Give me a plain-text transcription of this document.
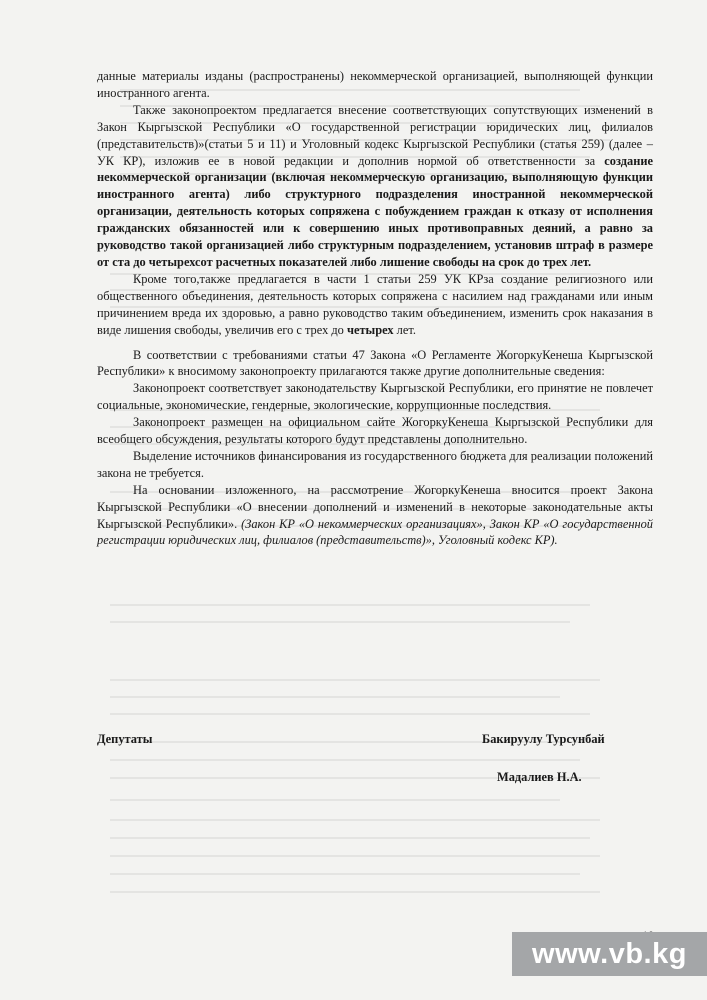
данные материалы изданы (распространены) некоммерческой организацией, выполняющей функции иностранного агента.

Также законопроектом предлагается внесение соответствующих сопутствующих изменений в Закон Кыргызской Республики «О государственной регистрации юридических лиц, филиалов (представительств)»(статьи 5 и 11) и Уголовный кодекс Кыргызской Республики (статья 259) (далее – УК КР), изложив ее в новой редакции и дополнив нормой об ответственности за создание некоммерческой организации (включая некоммерческую организацию, выполняющую функции иностранного агента) либо структурного подразделения иностранной некоммерческой организации, деятельность которых сопряжена с побуждением граждан к отказу от исполнения гражданских обязанностей или к совершению иных противоправных деяний, а равно за руководство такой организацией либо структурным подразделением, установив штраф в размере от ста до четырехсот расчетных показателей либо лишение свободы на срок до трех лет.

Кроме того,также предлагается в части 1 статьи 259 УК КРза создание религиозного или общественного объединения, деятельность которых сопряжена с насилием над гражданами или иным причинением вреда их здоровью, а равно руководство таким объединением, изменить срок наказания в виде лишения свободы, увеличив его с трех до четырех лет.

В соответствии с требованиями статьи 47 Закона «О Регламенте ЖогоркуКенеша Кыргызской Республики» к вносимому законопроекту прилагаются также другие дополнительные сведения:

Законопроект соответствует законодательству Кыргызской Республики, его принятие не повлечет социальные, экономические, гендерные, экологические, коррупционные последствия.

Законопроект размещен на официальном сайте ЖогоркуКенеша Кыргызской Республики для всеобщего обсуждения, результаты которого будут представлены дополнительно.

Выделение источников финансирования из государственного бюджета для реализации положений закона не требуется.

На основании изложенного, на рассмотрение ЖогоркуКенеша вносится проект Закона Кыргызской Республики «О внесении дополнений и изменений в некоторые законодательные акты Кыргызской Республики». (Закон КР «О некоммерческих организациях», Закон КР «О государственной регистрации юридических лиц, филиалов (представительств)», Уголовный кодекс КР).

Депутаты	Бакируулу Турсунбай
Мадалиев Н.А.
www.vb.kg
